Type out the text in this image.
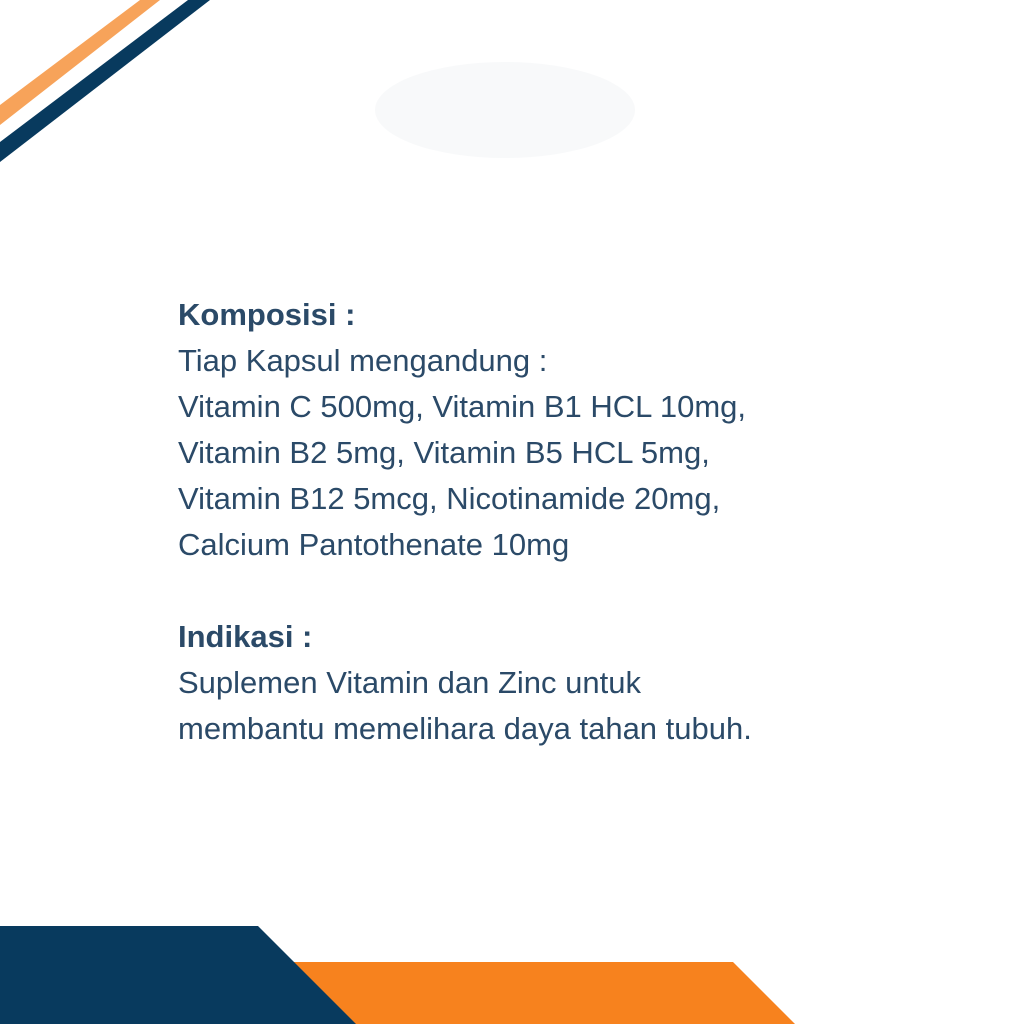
Komposisi :
Tiap Kapsul mengandung :
Vitamin C 500mg, Vitamin B1 HCL 10mg,
Vitamin B2 5mg, Vitamin B5 HCL 5mg,
Vitamin B12 5mcg, Nicotinamide 20mg,
Calcium Pantothenate 10mg
Indikasi :
Suplemen Vitamin dan Zinc untuk
membantu memelihara daya tahan tubuh.
